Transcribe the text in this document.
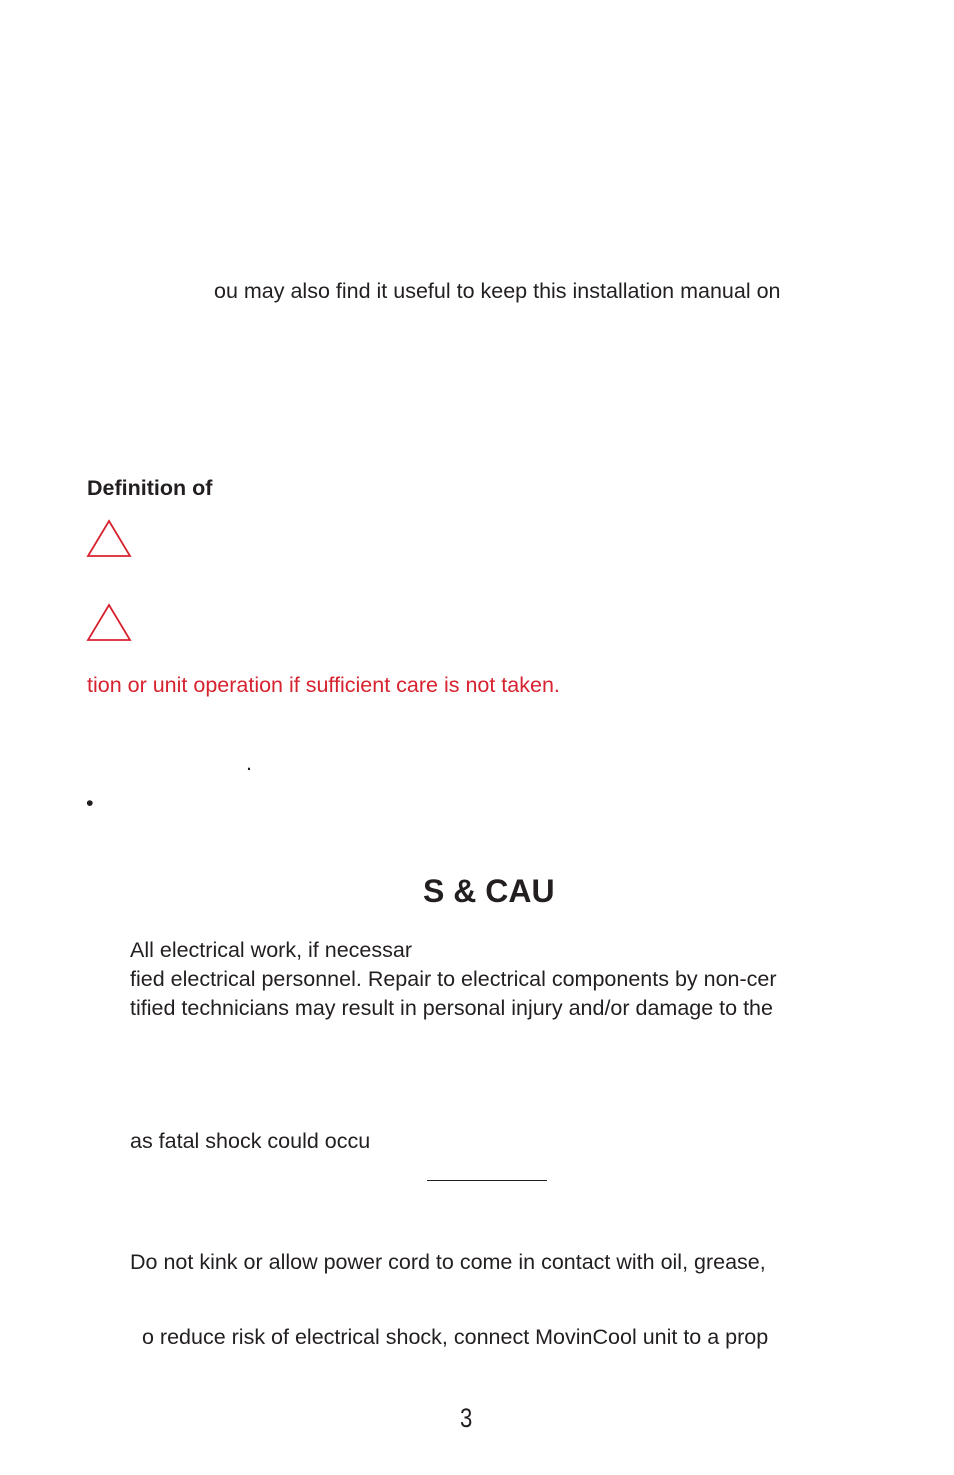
ou may also find it useful to keep this installation manual on
Definition of
tion or unit operation if sufficient care is not taken.
.
•
S & CAU
All electrical work, if necessar
fied electrical personnel. Repair to electrical components by non-cer
tified technicians may result in personal injury and/or damage to the
as fatal shock could occu
Do not kink or allow power cord to come in contact with oil, grease,
o reduce risk of electrical shock, connect MovinCool unit to a prop
3
